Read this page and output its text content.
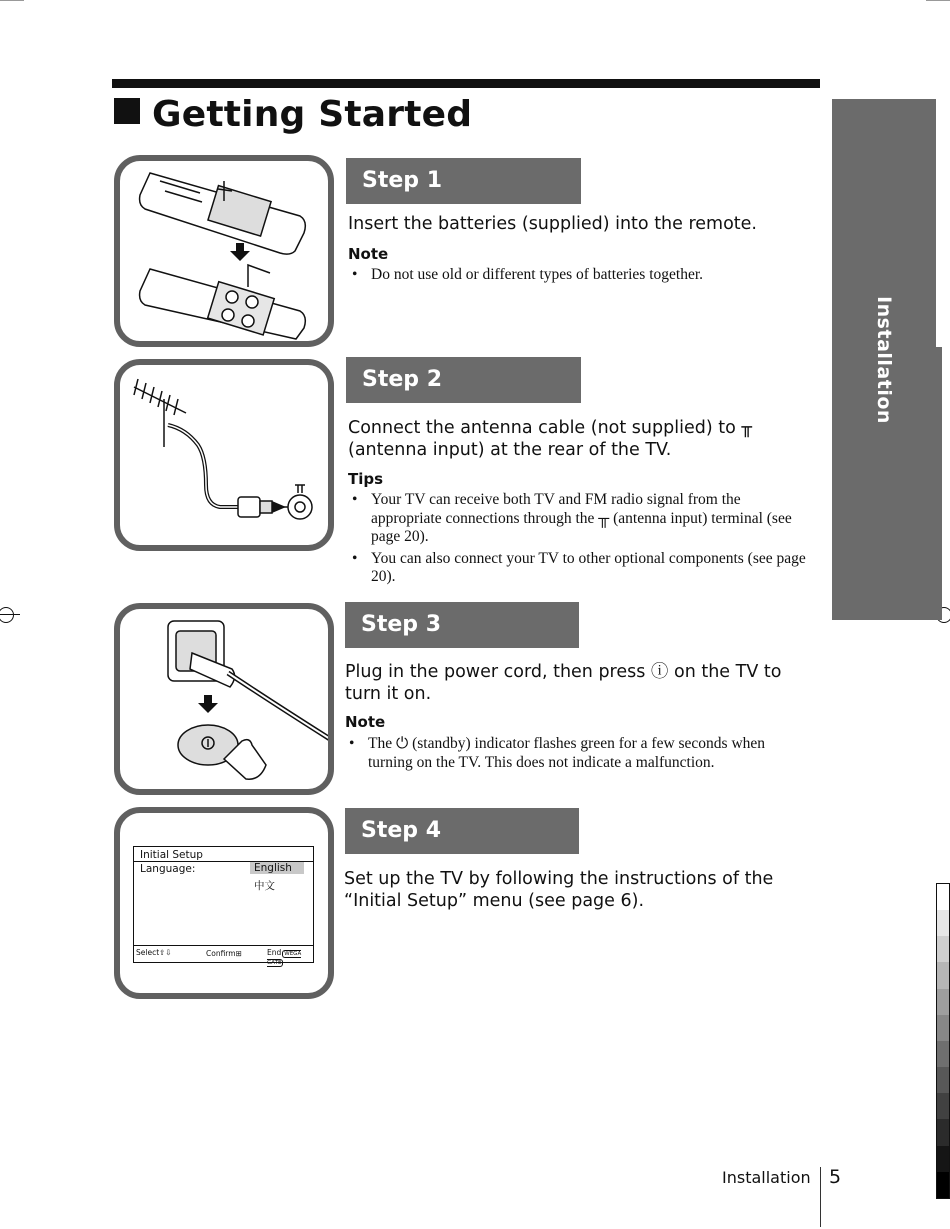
Getting Started
Installation
Step 1
Insert the batteries (supplied) into the remote.
Note
• Do not use old or different types of batteries together.
Step 2
Connect the antenna cable (not supplied) to ╥
(antenna input) at the rear of the TV.
Tips
• Your TV can receive both TV and FM radio signal from the appropriate connections through the ╥ (antenna input) terminal (see page 20).
• You can also connect your TV to other optional components (see page 20).
Step 3
Plug in the power cord, then press ⓘ on the TV to
turn it on.
Note
• The ⏻ (standby) indicator flashes green for a few seconds when turning on the TV. This does not indicate a malfunction.
Initial Setup
Language:	English
中文
Select⇧⇩	Confirm⊞	End WEGA GATE
Step 4
Set up the TV by following the instructions of the
“Initial Setup” menu (see page 6).
Installation 5
